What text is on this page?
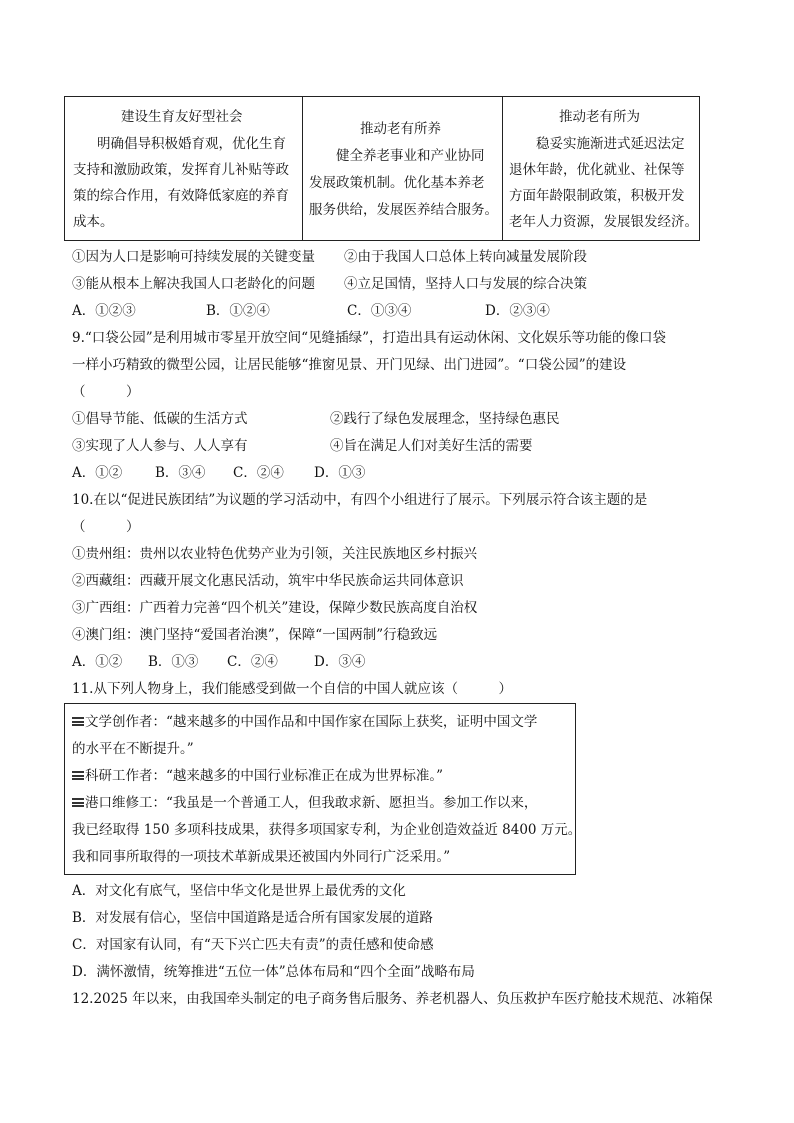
建设生育友好型社会
明确倡导积极婚育观，优化生育
支持和激励政策，发挥育儿补贴等政
策的综合作用，有效降低家庭的养育
成本。
推动老有所养
健全养老事业和产业协同
发展政策机制。优化基本养老
服务供给，发展医养结合服务。
推动老有所为
稳妥实施渐进式延迟法定
退休年龄，优化就业、社保等
方面年龄限制政策，积极开发
老年人力资源，发展银发经济。
①因为人口是影响可持续发展的关键变量 ②由于我国人口总体上转向减量发展阶段
③能从根本上解决我国人口老龄化的问题 ④立足国情，坚持人口与发展的综合决策
A．①②③	B．①②④	C．①③④	D．②③④
9.“口袋公园”是利用城市零星开放空间“见缝插绿”，打造出具有运动休闲、文化娱乐等功能的像口袋
一样小巧精致的微型公园，让居民能够“推窗见景、开门见绿、出门进园”。“口袋公园”的建设
（　　　）
①倡导节能、低碳的生活方式	②践行了绿色发展理念，坚持绿色惠民
③实现了人人参与、人人享有	④旨在满足人们对美好生活的需要
A．①② B．③④ C．②④ D．①③
10.在以“促进民族团结”为议题的学习活动中，有四个小组进行了展示。下列展示符合该主题的是
（　　　）
①贵州组：贵州以农业特色优势产业为引领，关注民族地区乡村振兴
②西藏组：西藏开展文化惠民活动，筑牢中华民族命运共同体意识
③广西组：广西着力完善“四个机关”建设，保障少数民族高度自治权
④澳门组：澳门坚持“爱国者治澳”，保障“一国两制”行稳致远
A．①② B．①③ C．②④	D．③④
11.从下列人物身上，我们能感受到做一个自信的中国人就应该（　　　）
文学创作者：“越来越多的中国作品和中国作家在国际上获奖，证明中国文学
的水平在不断提升。”
科研工作者：“越来越多的中国行业标准正在成为世界标准。”
港口维修工：“我虽是一个普通工人，但我敢求新、愿担当。参加工作以来，
我已经取得 150 多项科技成果，获得多项国家专利，为企业创造效益近 8400 万元。
我和同事所取得的一项技术革新成果还被国内外同行广泛采用。”
A．对文化有底气，坚信中华文化是世界上最优秀的文化
B．对发展有信心，坚信中国道路是适合所有国家发展的道路
C．对国家有认同，有“天下兴亡匹夫有责”的责任感和使命感
D．满怀激情，统筹推进“五位一体”总体布局和“四个全面”战略布局
12.2025 年以来，由我国牵头制定的电子商务售后服务、养老机器人、负压救护车医疗舱技术规范、冰箱保
